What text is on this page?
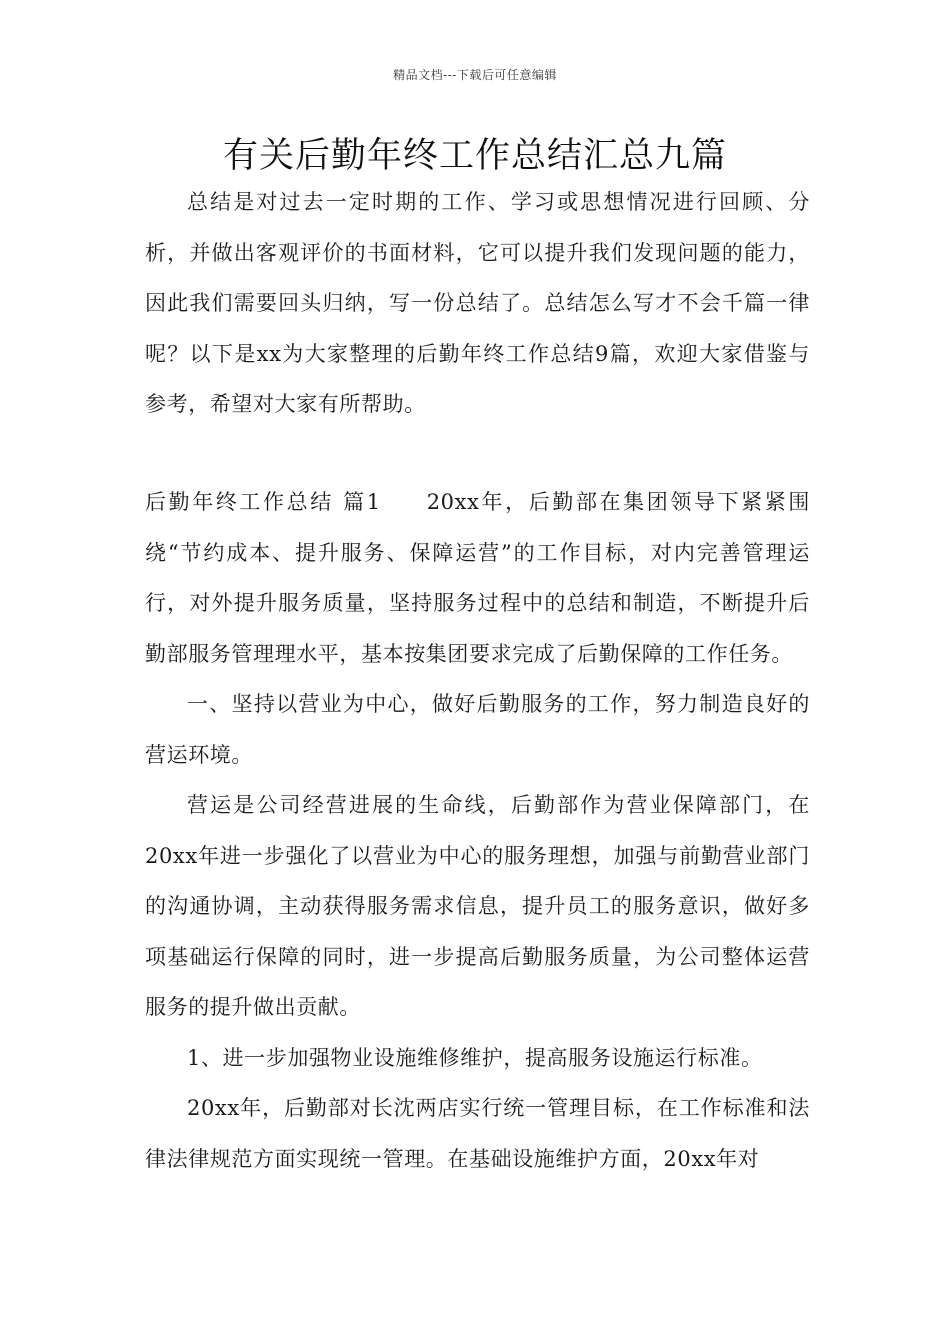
精品文档---下载后可任意编辑
有关后勤年终工作总结汇总九篇

总结是对过去一定时期的工作、学习或思想情况进行回顾、分析，并做出客观评价的书面材料，它可以提升我们发现问题的能力，因此我们需要回头归纳，写一份总结了。总结怎么写才不会千篇一律呢？以下是xx为大家整理的后勤年终工作总结9篇，欢迎大家借鉴与参考，希望对大家有所帮助。

后勤年终工作总结 篇1 20xx年，后勤部在集团领导下紧紧围绕“节约成本、提升服务、保障运营”的工作目标，对内完善管理运行，对外提升服务质量，坚持服务过程中的总结和制造，不断提升后勤部服务管理理水平，基本按集团要求完成了后勤保障的工作任务。

一、坚持以营业为中心，做好后勤服务的工作，努力制造良好的营运环境。

营运是公司经营进展的生命线，后勤部作为营业保障部门，在20xx年进一步强化了以营业为中心的服务理想，加强与前勤营业部门的沟通协调，主动获得服务需求信息，提升员工的服务意识，做好多项基础运行保障的同时，进一步提高后勤服务质量，为公司整体运营服务的提升做出贡献。

1、进一步加强物业设施维修维护，提高服务设施运行标准。

20xx年，后勤部对长沈两店实行统一管理目标，在工作标准和法律法律规范方面实现统一管理。在基础设施维护方面，20xx年对
